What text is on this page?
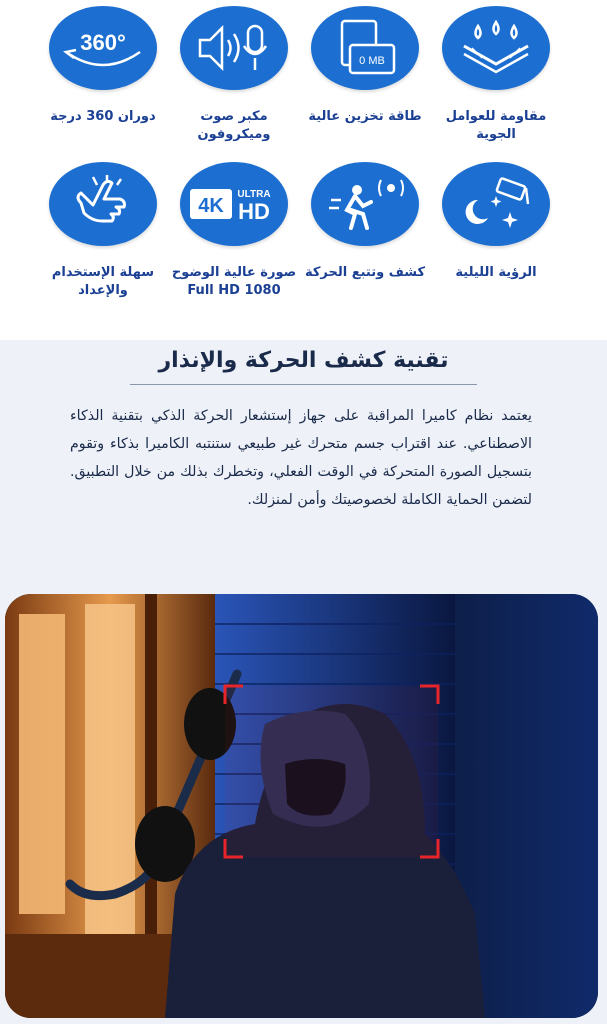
مقاومة للعوامل الجوية
0 MB
طاقة تخزين عالية
مكبر صوت وميكروفون
360°
دوران 360 درجة
الرؤية الليلية
كشف وتتبع الحركة
4K
ULTRA
HD
صورة عالية الوضوح 1080 Full HD
سهلة الإستخدام والإعداد
تقنية كشف الحركة والإنذار
يعتمد نظام كاميرا المراقبة على جهاز إستشعار الحركة الذكي بتقنية الذكاء الاصطناعي. عند اقتراب جسم متحرك غير طبيعي ستنتبه الكاميرا بذكاء وتقوم بتسجيل الصورة المتحركة في الوقت الفعلي، وتخطرك بذلك من خلال التطبيق. لتضمن الحماية الكاملة لخصوصيتك وأمن لمنزلك.
